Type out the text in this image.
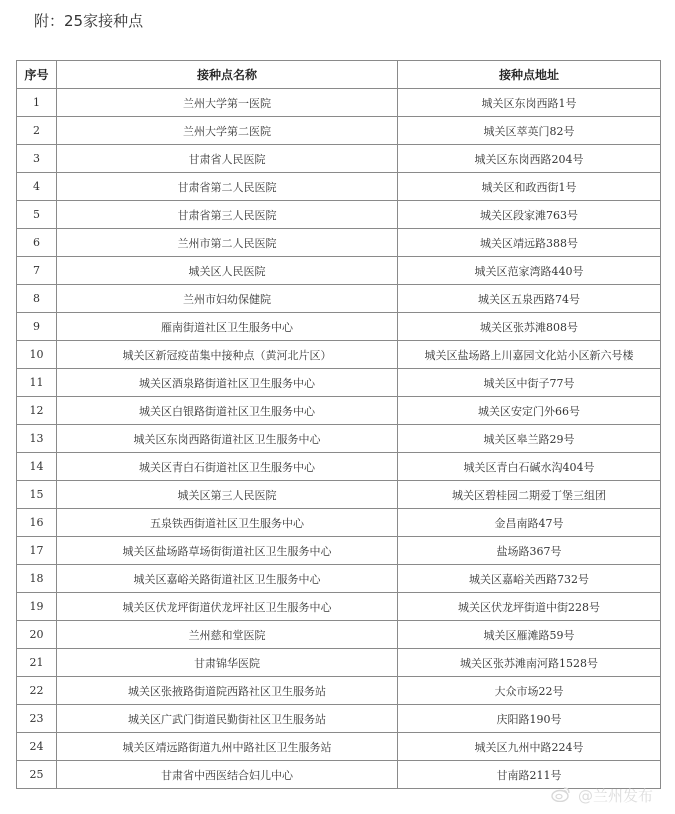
附：25家接种点
序号	接种点名称	接种点地址
1	兰州大学第一医院	城关区东岗西路1号
2	兰州大学第二医院	城关区萃英门82号
3	甘肃省人民医院	城关区东岗西路204号
4	甘肃省第二人民医院	城关区和政西街1号
5	甘肃省第三人民医院	城关区段家滩763号
6	兰州市第二人民医院	城关区靖远路388号
7	城关区人民医院	城关区范家湾路440号
8	兰州市妇幼保健院	城关区五泉西路74号
9	雁南街道社区卫生服务中心	城关区张苏滩808号
10	城关区新冠疫苗集中接种点（黄河北片区）	城关区盐场路上川嘉园文化站小区新六号楼
11	城关区酒泉路街道社区卫生服务中心	城关区中街子77号
12	城关区白银路街道社区卫生服务中心	城关区安定门外66号
13	城关区东岗西路街道社区卫生服务中心	城关区皋兰路29号
14	城关区青白石街道社区卫生服务中心	城关区青白石碱水沟404号
15	城关区第三人民医院	城关区碧桂园二期爱丁堡三组团
16	五泉铁西街道社区卫生服务中心	金昌南路47号
17	城关区盐场路草场街街道社区卫生服务中心	盐场路367号
18	城关区嘉峪关路街道社区卫生服务中心	城关区嘉峪关西路732号
19	城关区伏龙坪街道伏龙坪社区卫生服务中心	城关区伏龙坪街道中街228号
20	兰州慈和堂医院	城关区雁滩路59号
21	甘肃锦华医院	城关区张苏滩南河路1528号
22	城关区张掖路街道院西路社区卫生服务站	大众市场22号
23	城关区广武门街道民勤街社区卫生服务站	庆阳路190号
24	城关区靖远路街道九州中路社区卫生服务站	城关区九州中路224号
25	甘肃省中西医结合妇儿中心	甘南路211号
@兰州发布
